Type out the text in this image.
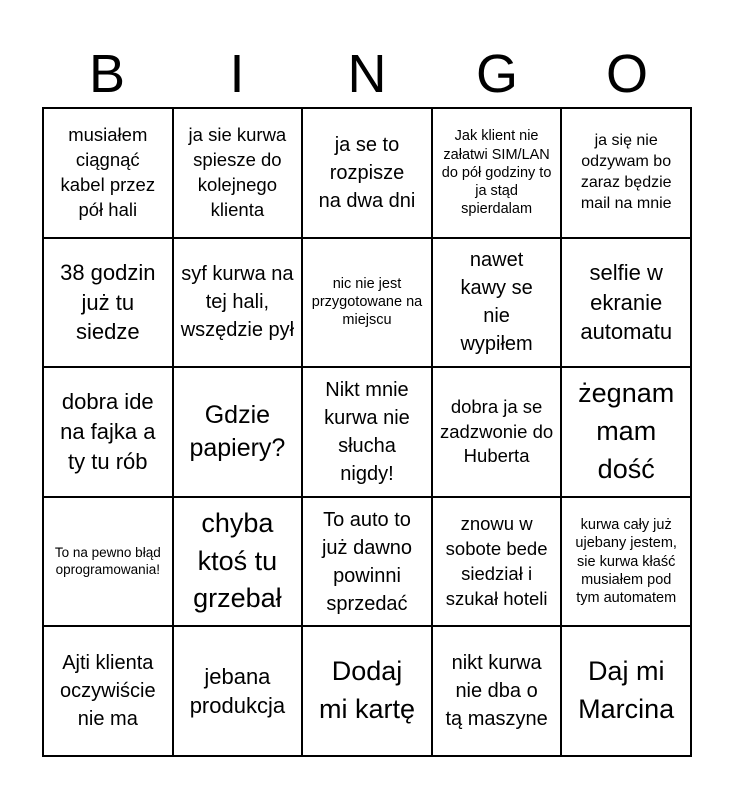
B	I	N	G	O
musiałem ciągnąć kabel przez pół hali
ja sie kurwa spiesze do kolejnego klienta
ja se to rozpisze na dwa dni
Jak klient nie załatwi SIM/LAN do pół godziny to ja stąd spierdalam
ja się nie odzywam bo zaraz będzie mail na mnie
38 godzin już tu siedze
syf kurwa na tej hali, wszędzie pył
nic nie jest przygotowane na miejscu
nawet kawy se nie wypiłem
selfie w ekranie automatu
dobra ide na fajka a ty tu rób
Gdzie papiery?
Nikt mnie kurwa nie słucha nigdy!
dobra ja se zadzwonie do Huberta
żegnam mam dość
To na pewno błąd oprogramowania!
chyba ktoś tu grzebał
To auto to już dawno powinni sprzedać
znowu w sobote bede siedział i szukał hoteli
kurwa cały już ujebany jestem, sie kurwa kłaść musiałem pod tym automatem
Ajti klienta oczywiście nie ma
jebana produkcja
Dodaj mi kartę
nikt kurwa nie dba o tą maszyne
Daj mi Marcina
